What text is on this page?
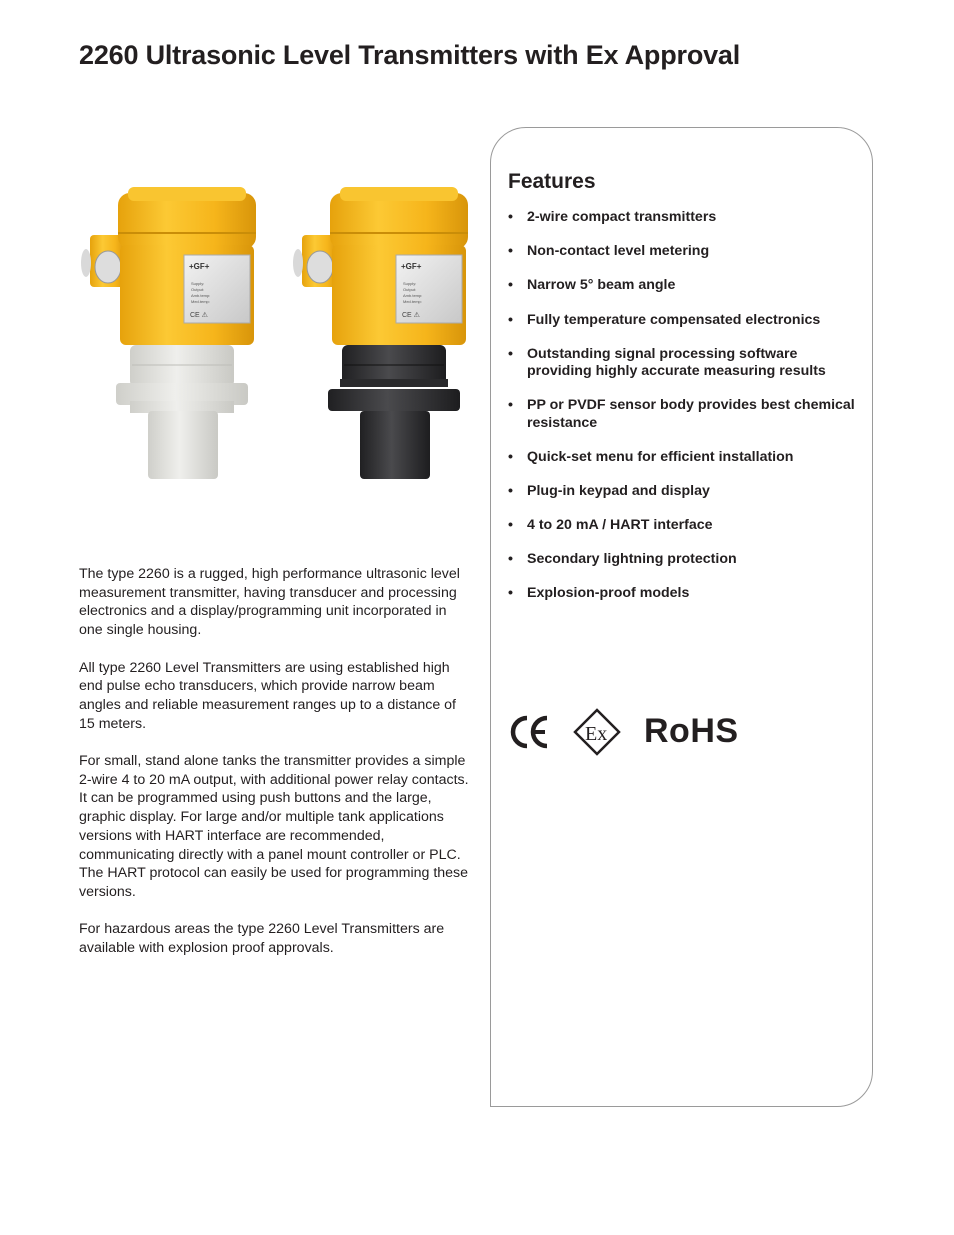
2260 Ultrasonic Level Transmitters with Ex Approval
+GF+
Supply:
Output:
Amb.temp:
Med.temp:
CE ⚠
+GF+
Supply:
Output:
Amb.temp:
Med.temp:
CE ⚠

The type 2260 is a rugged, high performance ultrasonic level measurement transmitter, having transducer and processing electronics and a display/programming unit incorporated in one single housing.

All type 2260 Level Transmitters are using established high end pulse echo transducers, which provide narrow beam angles and reliable measurement ranges up to a distance of 15 meters.

For small, stand alone tanks the transmitter provides a simple 2-wire 4 to 20 mA output, with additional power relay contacts. It can be programmed using push buttons and the large, graphic display. For large and/or multiple tank applications versions with HART interface are recommended, communicating directly with a panel mount controller or PLC. The HART protocol can easily be used for programming these versions.

For hazardous areas the type 2260 Level Transmitters are available with explosion proof approvals.

Features
• 2-wire compact transmitters
• Non-contact level metering
• Narrow 5° beam angle
• Fully temperature compensated electronics
• Outstanding signal processing software providing highly accurate measuring results
• PP or PVDF sensor body provides best chemical resistance
• Quick-set menu for efficient installation
• Plug-in keypad and display
• 4 to 20 mA / HART interface
• Secondary lightning protection
• Explosion-proof models
Ex RoHS
